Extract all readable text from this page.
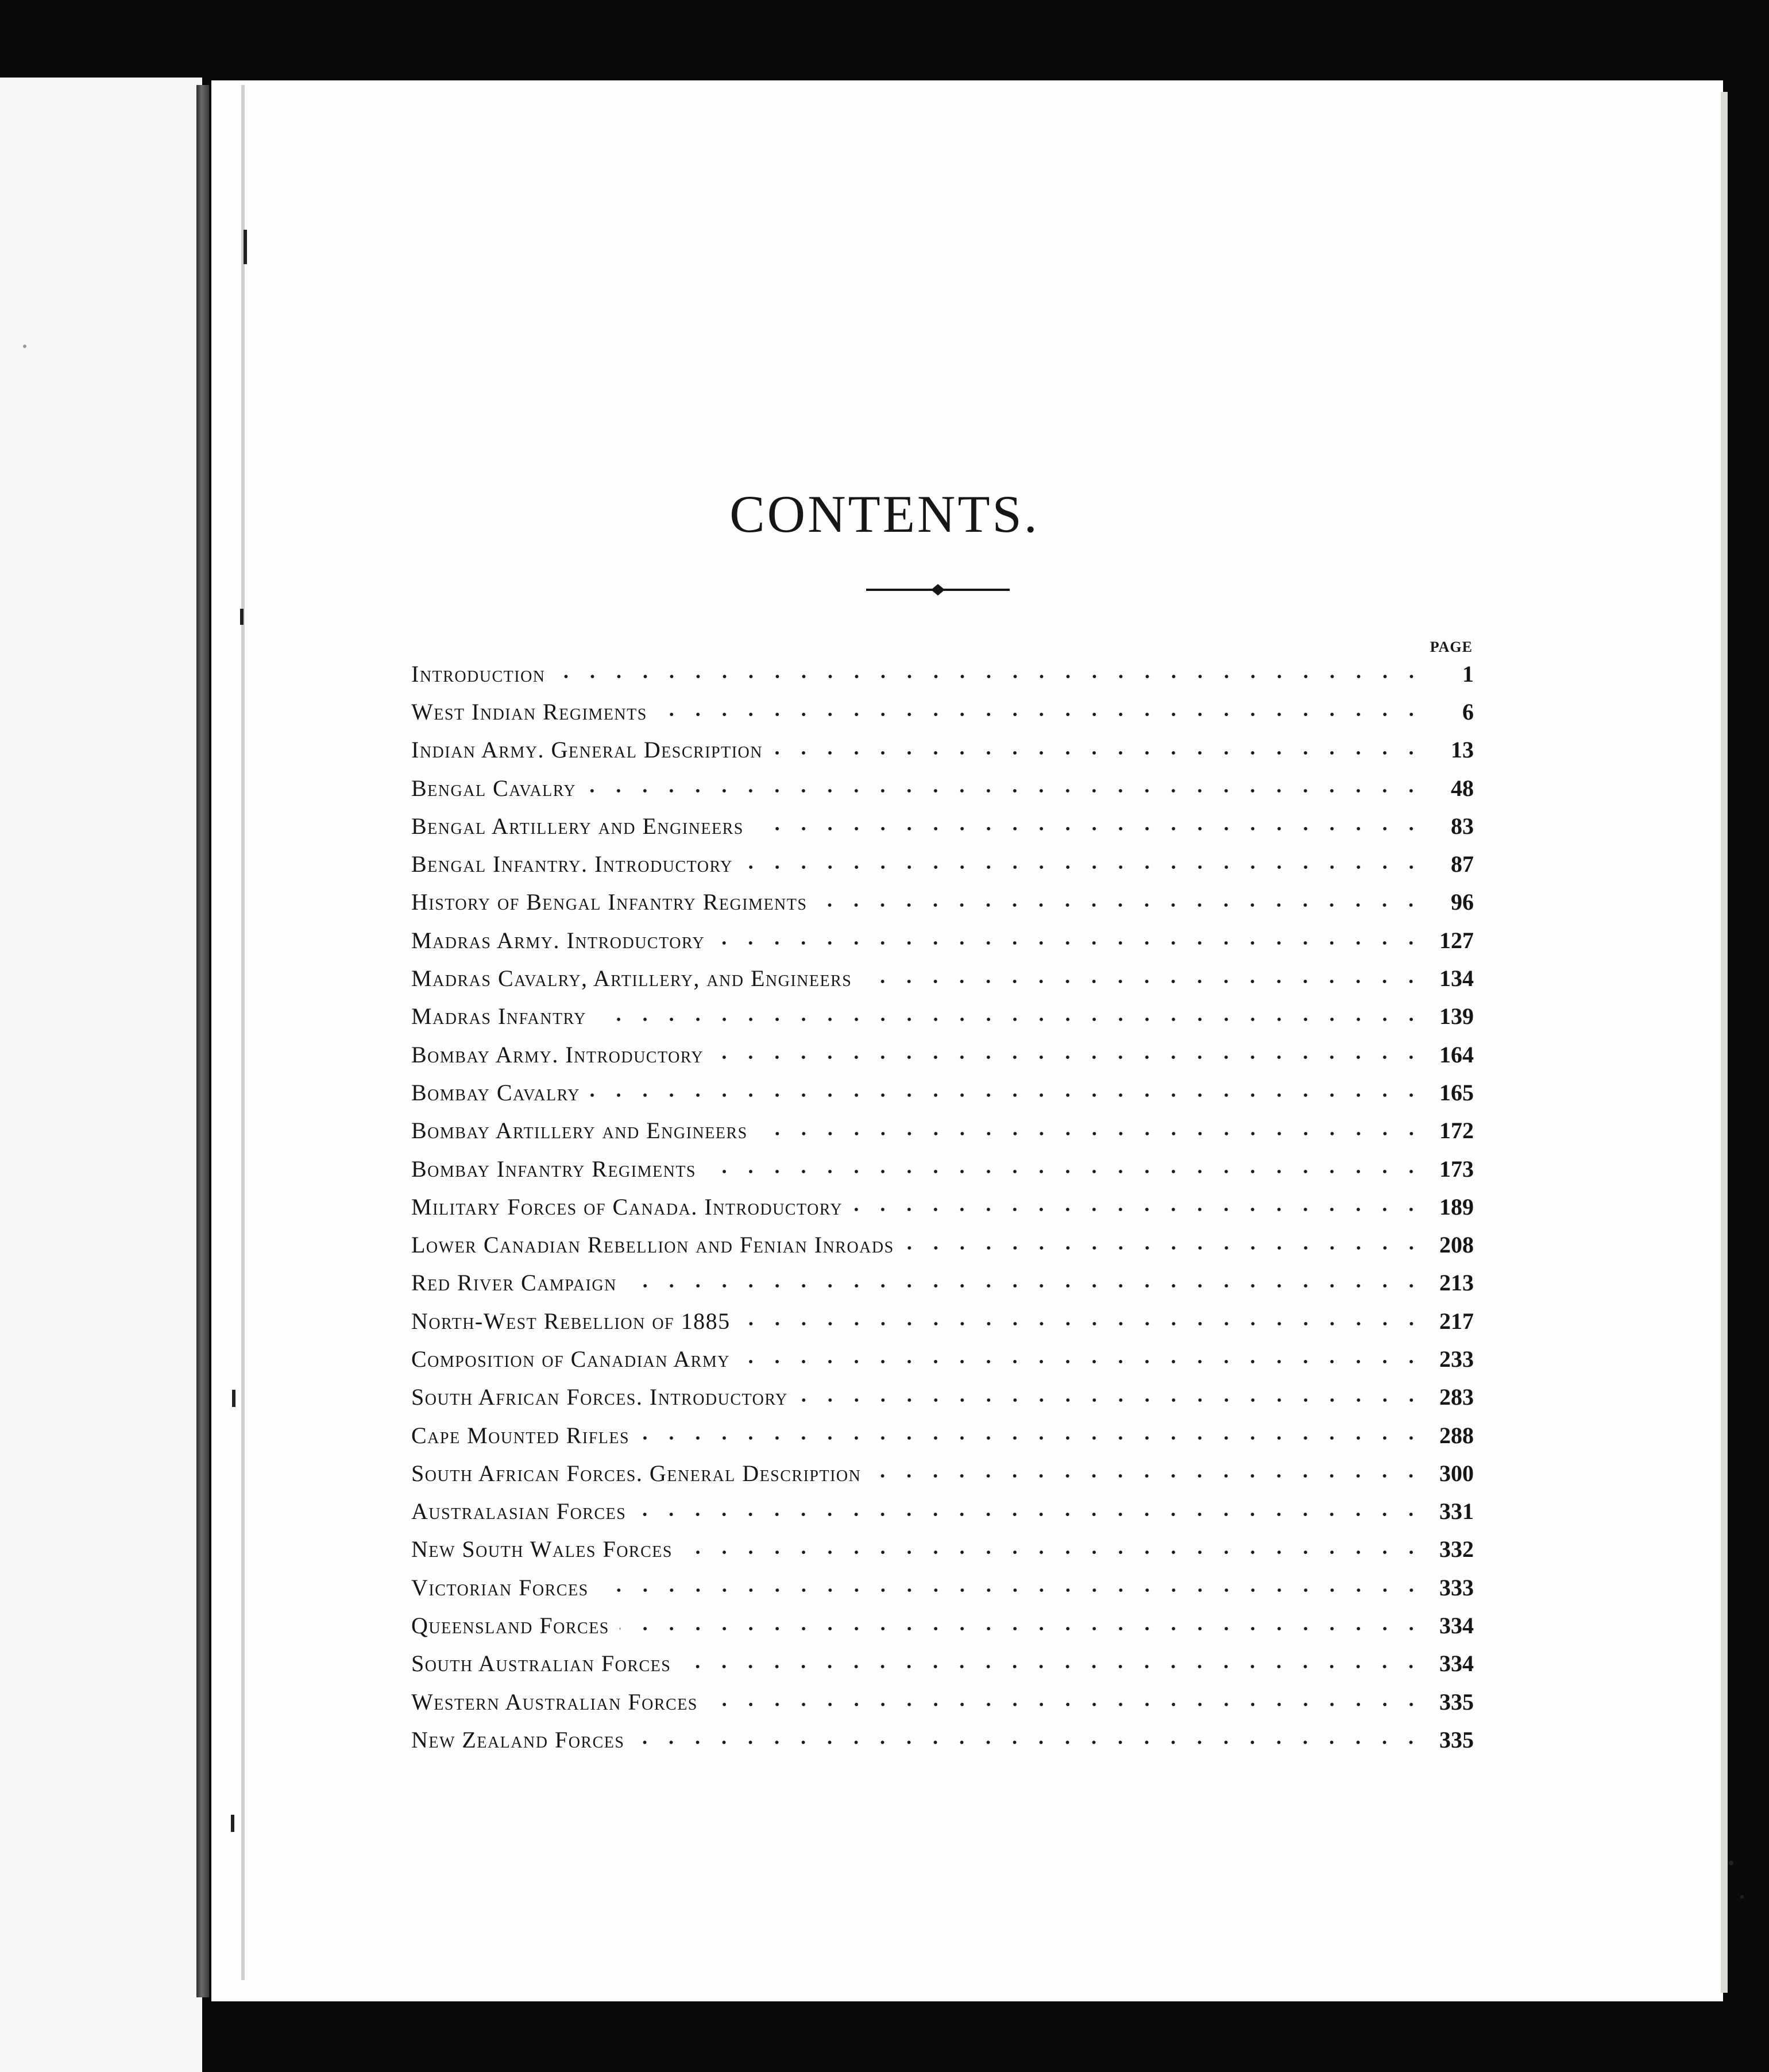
CONTENTS.
PAGE
Introduction	1
West Indian Regiments	6
Indian Army. General Description	13
Bengal Cavalry	48
Bengal Artillery and Engineers	83
Bengal Infantry. Introductory	87
History of Bengal Infantry Regiments	96
Madras Army. Introductory	127
Madras Cavalry, Artillery, and Engineers	134
Madras Infantry	139
Bombay Army. Introductory	164
Bombay Cavalry	165
Bombay Artillery and Engineers	172
Bombay Infantry Regiments	173
Military Forces of Canada. Introductory	189
Lower Canadian Rebellion and Fenian Inroads	208
Red River Campaign	213
North-West Rebellion of 1885	217
Composition of Canadian Army	233
South African Forces. Introductory	283
Cape Mounted Rifles	288
South African Forces. General Description	300
Australasian Forces	331
New South Wales Forces	332
Victorian Forces	333
Queensland Forces	334
South Australian Forces	334
Western Australian Forces	335
New Zealand Forces	335
